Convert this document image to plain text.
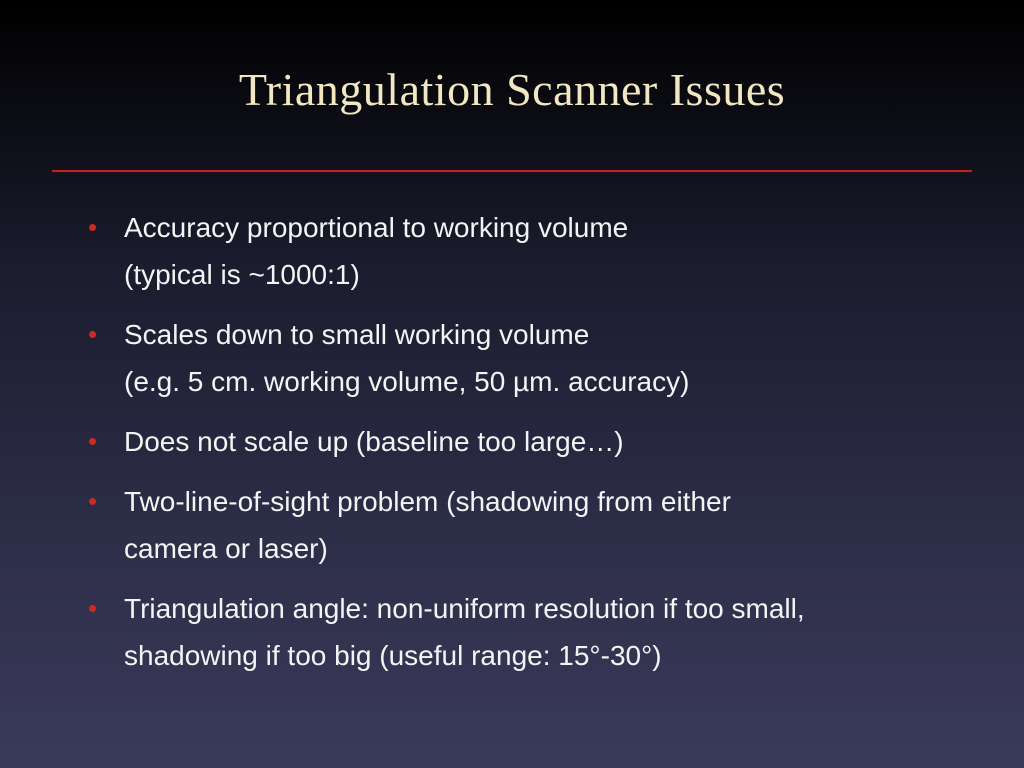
Triangulation Scanner Issues
• Accuracy proportional to working volume
(typical is ~1000:1)
• Scales down to small working volume
(e.g. 5 cm. working volume, 50 µm. accuracy)
• Does not scale up (baseline too large…)
• Two-line-of-sight problem (shadowing from either
camera or laser)
• Triangulation angle: non-uniform resolution if too small,
shadowing if too big (useful range: 15°-30°)
